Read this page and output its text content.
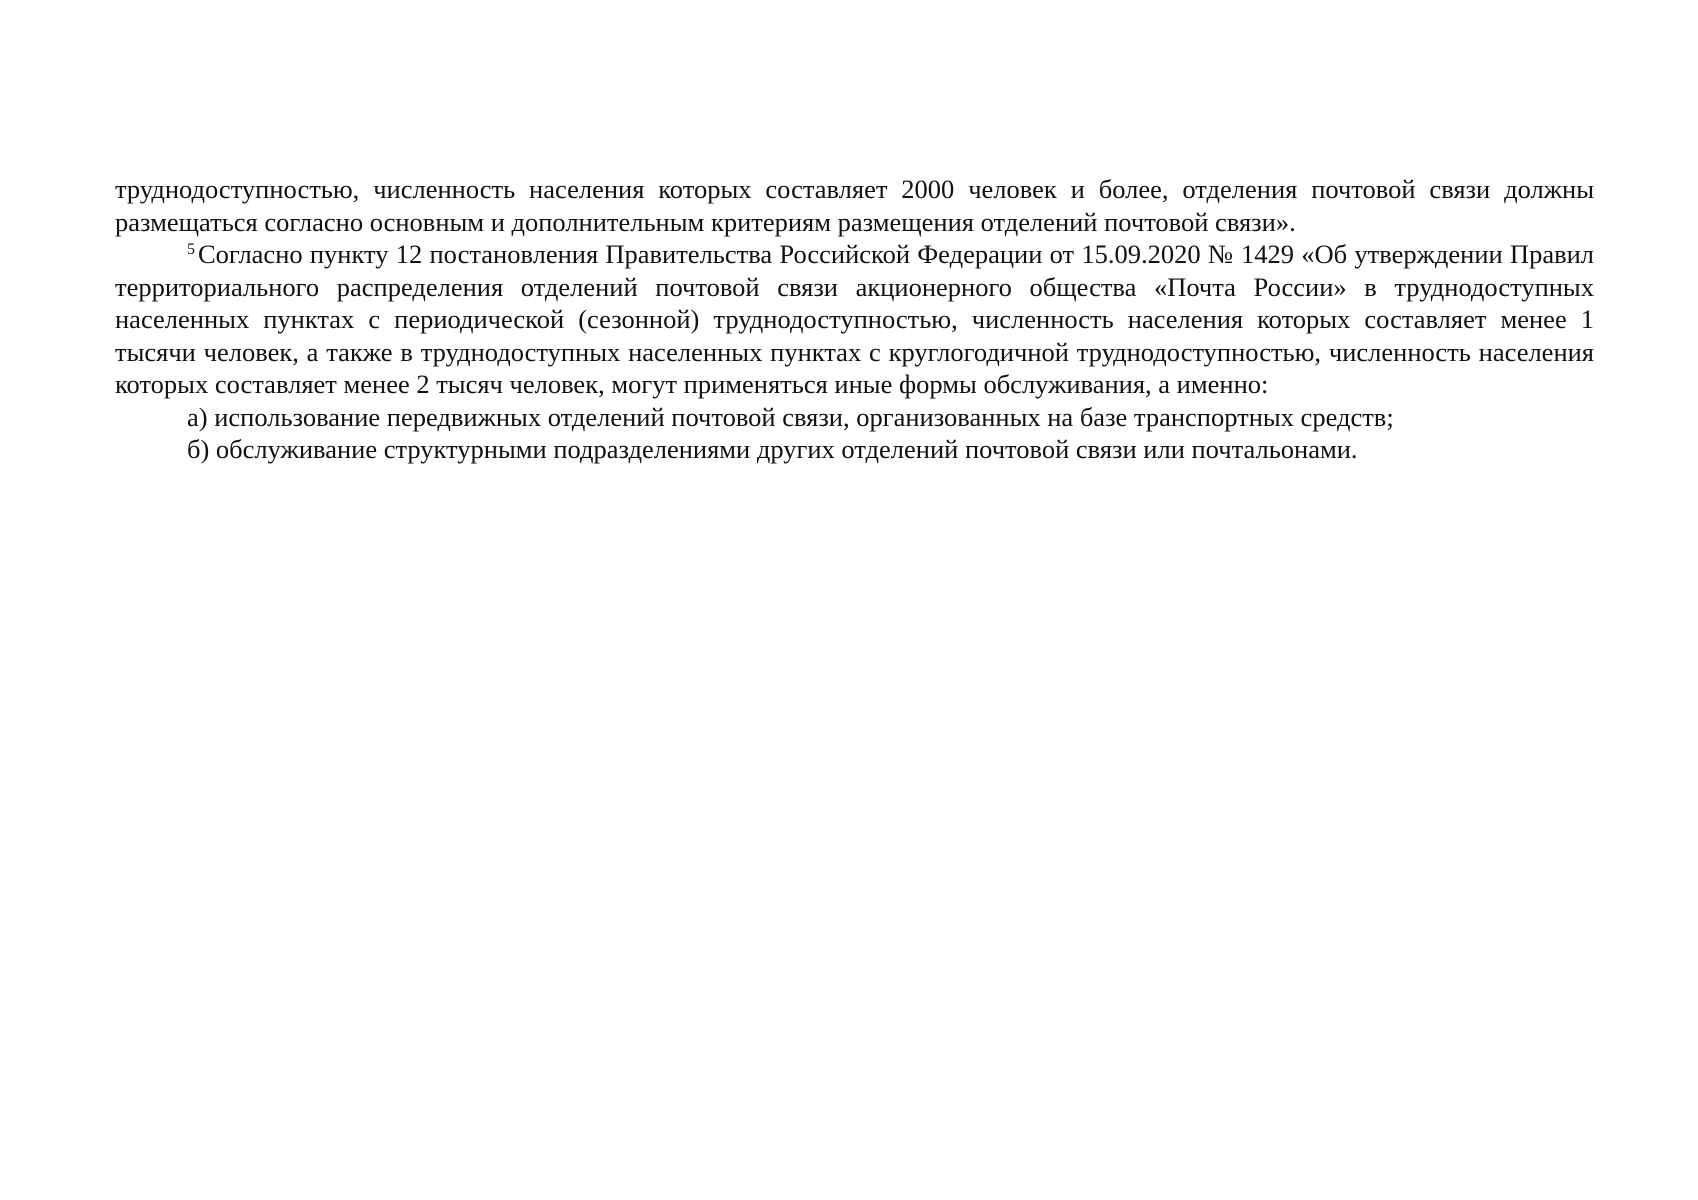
труднодоступностью, численность населения которых составляет 2000 человек и более, отделения почтовой связи должны размещаться согласно основным и дополнительным критериям размещения отделений почтовой связи».

$^5$ Согласно пункту 12 постановления Правительства Российской Федерации от 15.09.2020 № 1429 «Об утверждении Правил территориального распределения отделений почтовой связи акционерного общества «Почта России» в труднодоступных населенных пунктах с периодической (сезонной) труднодоступностью, численность населения которых составляет менее 1 тысячи человек, а также в труднодоступных населенных пунктах с круглогодичной труднодоступностью, численность населения которых составляет менее 2 тысяч человек, могут применяться иные формы обслуживания, а именно:

а) использование передвижных отделений почтовой связи, организованных на базе транспортных средств;

б) обслуживание структурными подразделениями других отделений почтовой связи или почтальонами.
